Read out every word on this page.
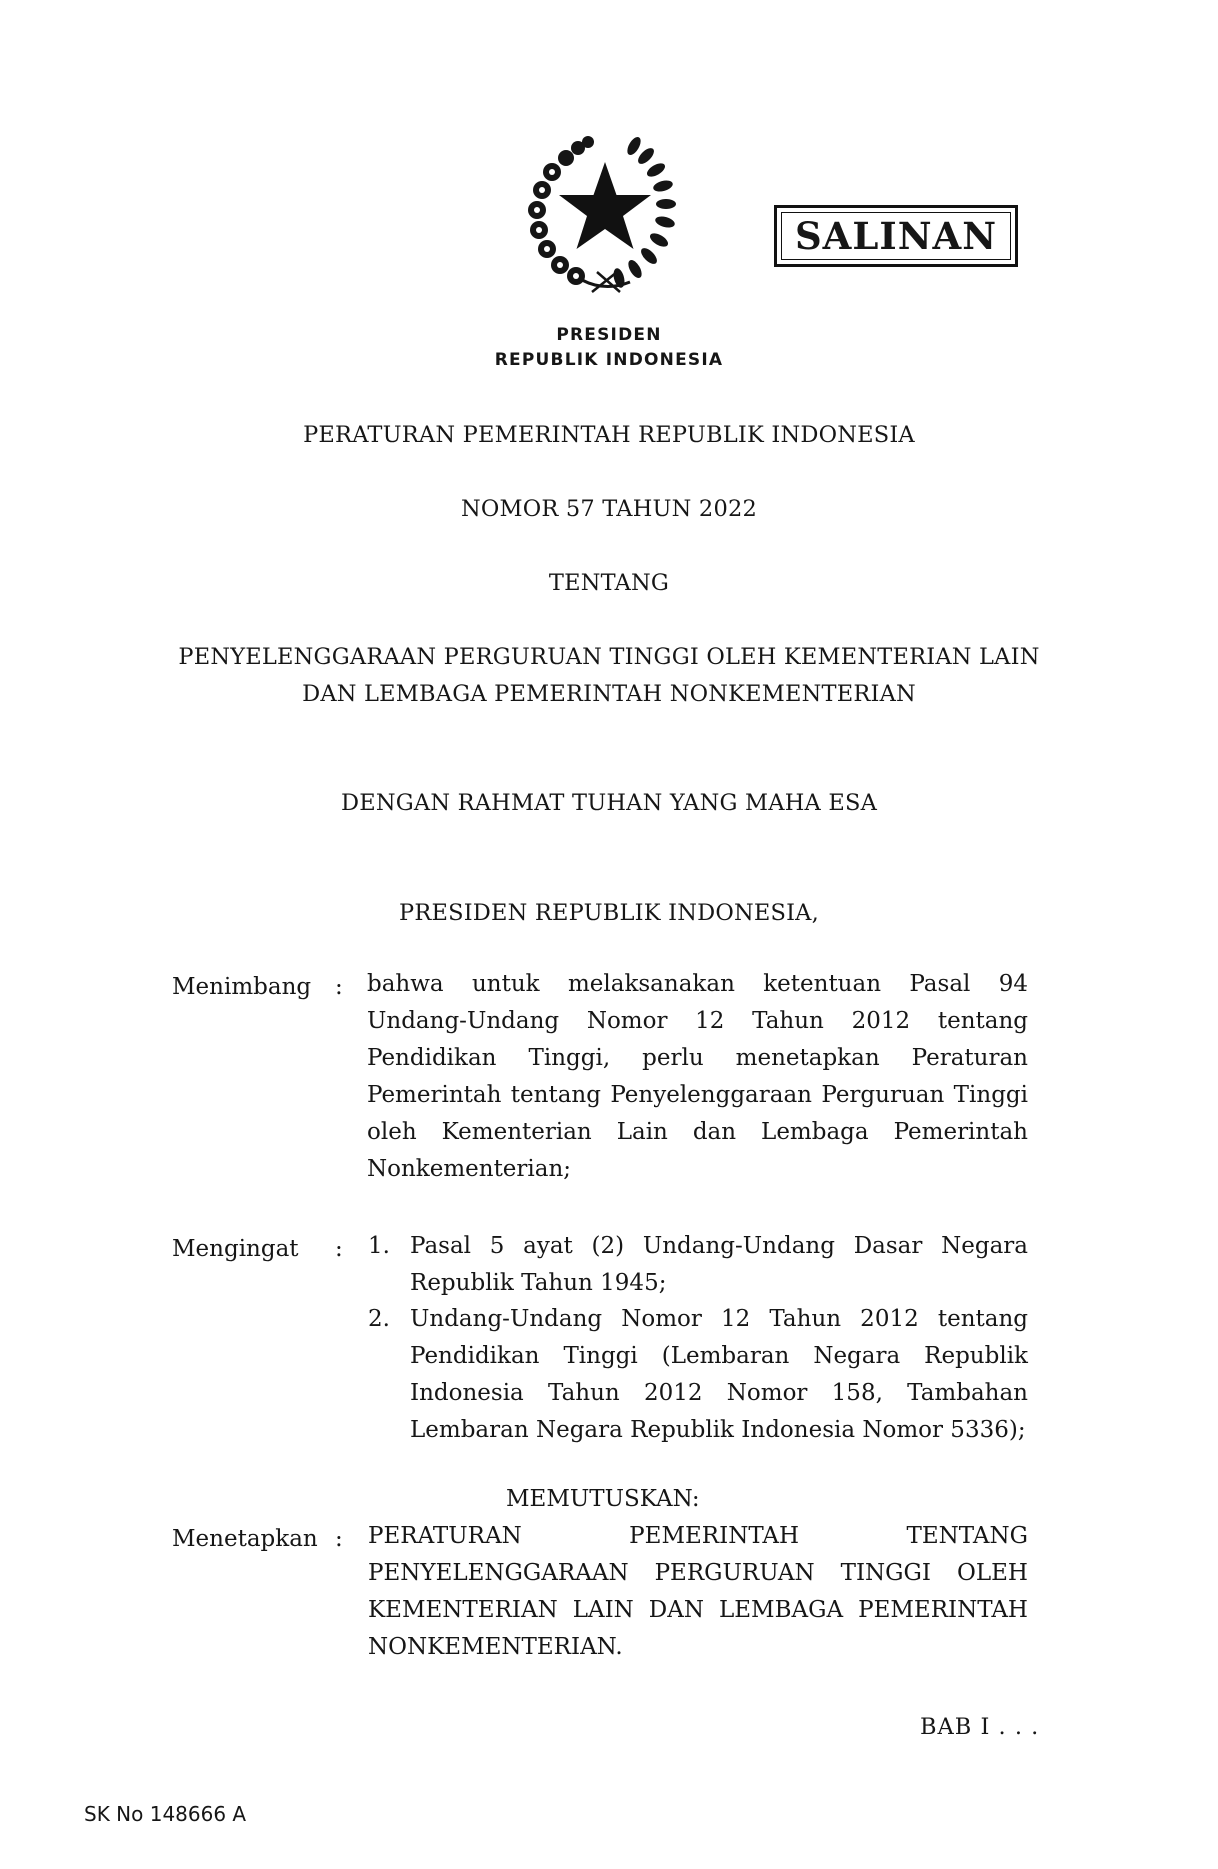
SALINAN
PRESIDEN
REPUBLIK INDONESIA
PERATURAN PEMERINTAH REPUBLIK INDONESIA
NOMOR 57 TAHUN 2022
TENTANG
PENYELENGGARAAN PERGURUAN TINGGI OLEH KEMENTERIAN LAIN
DAN LEMBAGA PEMERINTAH NONKEMENTERIAN
DENGAN RAHMAT TUHAN YANG MAHA ESA
PRESIDEN REPUBLIK INDONESIA,
Menimbang : bahwa untuk melaksanakan ketentuan Pasal 94
Undang-Undang Nomor 12 Tahun 2012 tentang
Pendidikan Tinggi, perlu menetapkan Peraturan
Pemerintah tentang Penyelenggaraan Perguruan Tinggi
oleh Kementerian Lain dan Lembaga Pemerintah
Nonkementerian;
Mengingat : 1. Pasal 5 ayat (2) Undang-Undang Dasar Negara
Republik Tahun 1945;
2. Undang-Undang Nomor 12 Tahun 2012 tentang
Pendidikan Tinggi (Lembaran Negara Republik
Indonesia Tahun 2012 Nomor 158, Tambahan
Lembaran Negara Republik Indonesia Nomor 5336);
MEMUTUSKAN:
Menetapkan : PERATURAN PEMERINTAH TENTANG
PENYELENGGARAAN PERGURUAN TINGGI OLEH
KEMENTERIAN LAIN DAN LEMBAGA PEMERINTAH
NONKEMENTERIAN.
BAB I . . .
SK No 148666 A
